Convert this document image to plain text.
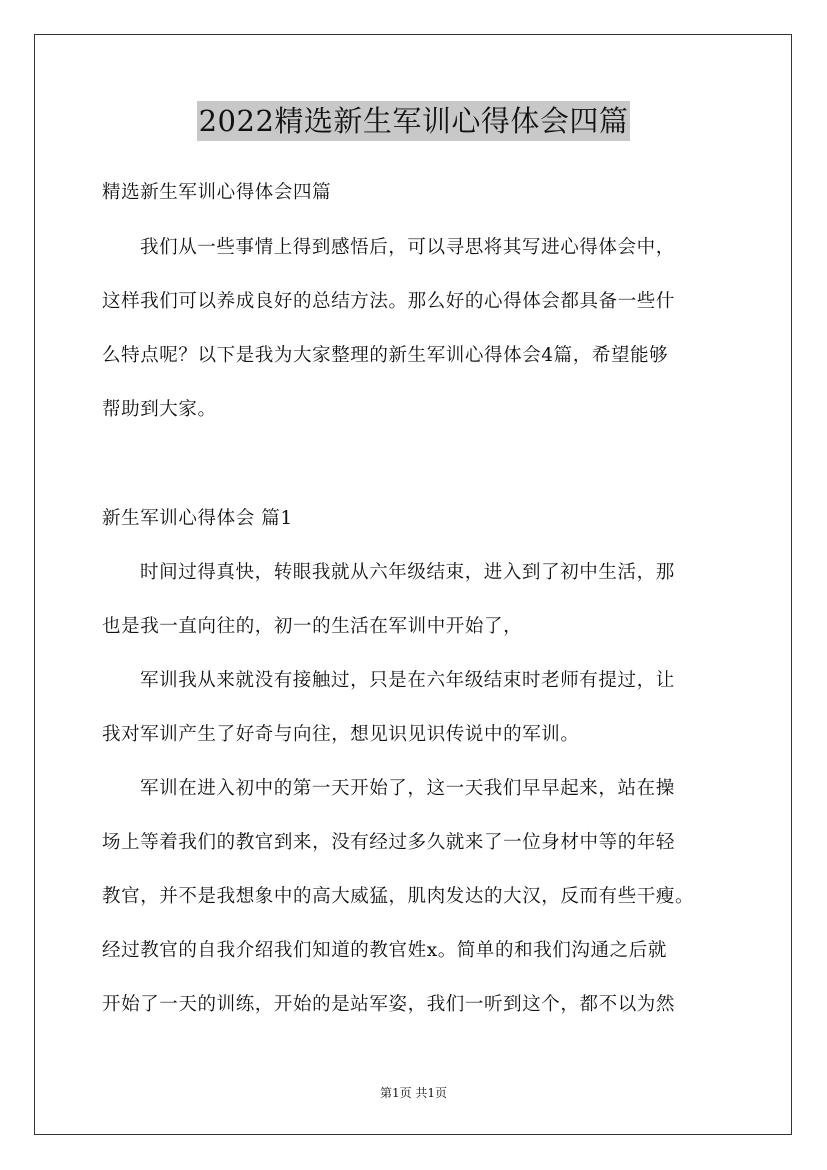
2022精选新生军训心得体会四篇
精选新生军训心得体会四篇
我们从一些事情上得到感悟后，可以寻思将其写进心得体会中，
这样我们可以养成良好的总结方法。那么好的心得体会都具备一些什
么特点呢？以下是我为大家整理的新生军训心得体会4篇，希望能够
帮助到大家。
新生军训心得体会 篇1
时间过得真快，转眼我就从六年级结束，进入到了初中生活，那
也是我一直向往的，初一的生活在军训中开始了，
军训我从来就没有接触过，只是在六年级结束时老师有提过，让
我对军训产生了好奇与向往，想见识见识传说中的军训。
军训在进入初中的第一天开始了，这一天我们早早起来，站在操
场上等着我们的教官到来，没有经过多久就来了一位身材中等的年轻
教官，并不是我想象中的高大威猛，肌肉发达的大汉，反而有些干瘦。
经过教官的自我介绍我们知道的教官姓x。简单的和我们沟通之后就
开始了一天的训练，开始的是站军姿，我们一听到这个，都不以为然
第1页 共1页
